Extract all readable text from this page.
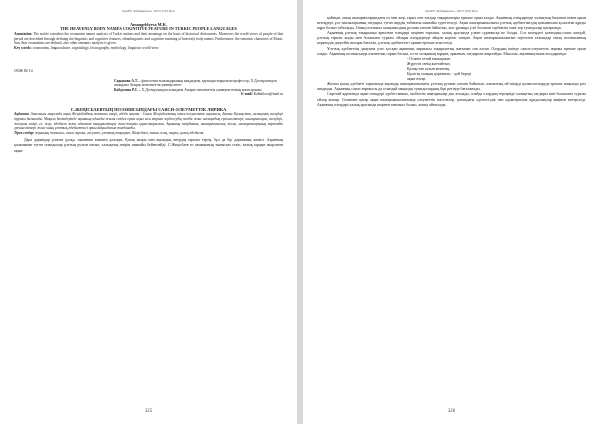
ҚазҰУ Хабаршысы. 2023 (59) бет
Amangeldyeva M.K.
THE HEAVENLY BODY NAMES COGNITIVE FEATURE IN TURKIC PEOPLE LANGUAGES
Annotation. The article considers the cosmonim names analysis of Turkic nations and their meanings on the basis of historical dictionaries. Moreover, the world views of people of that period are described through defining the linguistic and cognitive features, ethnolinguistic and cognitive meaning of heavenly body names. Furthermore, the semantic characters of Moon, Sun, Star cosmonims are defined, also other semantic analysis is given.
Key words: cosmonims, linguoculture, cognitology, lexicography, mythology, linguistic world view.
ӘОЖ 82-14
Садыкова А.Т. – филология ғылымдарының кандидаты, қауымдастырылған профессор, Х.Досмұхамедов атындағы Атырау мемлекеттік университеті
Кабдолова Р.С. – Х.Досмұхамедов атындағы Атырау мемлекеттік университетінің магистранты
E-mail: Kabdolova@mail.ru
С.ЖЕҢІСБАЕВТЫҢ ПОЭЗИЯСЫНДАҒЫ САЯСИ-ӘЛЕУМЕТТІК ЛИРИКА
Аңдатпа. Аталмыш мақалада ақын Жеңісбайдың поэзиясы өнері, әдеби ағымы - Саяси Жеңісбаевтың саяси-әлеуметтік лирикасы, Батыс-Қазақстан, халықтық өлеңдері туралы бағынады. Мақала бөлімдерінде ақынның адамды жылы сөзбен еркін ақыл мен тарихи зерделеудің тілдік және мазмұндық ерекшеліктері, шығармалары, өлеңдері, жазушы өмірі, ел, жер, әдебиет және адамзат тақырыптары жан-жақты қарастырылған. Ақынның өмірбаяны, шығармашылық жолы, шығармаларының көркемдік ерекшеліктері және оның ұлттық әдебиеттегі орны айқындалып талданады.
Тірек сөздер: ақынның поэзиясы, саяси лирика, әлеумет, ұлттық тақырып, Жеңісбаев, заман, өлең, тарих, қазақ әдебиеті.

Дара дарындар ұлтпен ұлтқа, заманнан заманға ұласқан, Қазақ жыры мен ақындық өнердің тарихы терең, бұл да бір дарынның жемісі. Ақынның қаламынан туған туындылар ұлттың рухын оятып, халықтың өмірін шынайы бейнелейді. С.Жеңісбаев өз заманының тынысын сезіп, халық мұңын жырлаған ақын.

325
ҚазҰУ Хабаршысы. 2023 (59) бет

қайтқан, оның шығармаларындағы ел мен жер, тарих пен тағдыр тақырыптары ерекше орын алады. Ақынның өлеңдерінде халықтың басынан өткен қиын кезеңдері, ұлт зиялыларының тағдыры, туған жердің табиғаты шынайы суреттеледі. Ақын шығармашылығы ұлттық әдебиетіміздің қазынасына қосылған құнды мұра болып табылады. Оның поэзиясы халқымыздың рухани әлемін байытып, жас ұрпаққа үлгі болатын тәрбиелік мәні зор туындылар қатарында.

Ақынның ұлттық тақырыпқа арналған өлеңдері кеңінен таралып, халық арасында үлкен сұранысқа ие болды. Сол кезеңдегі қоғамдық-саяси жағдай, ұлттың тарихи жады мен болашағы туралы ойлары өлеңдерінде айқын көрініс тапқан. Ақын шығармашылығын зерттеген ғалымдар оның поэзиясының көркемдік деңгейін жоғары бағалап, ұлттық әдебиеттегі орнын ерекше атап өтеді.

Ұлттық әдебиеттің дамуына үлес қосқан ақынның лирикасы тақырыптық жағынан сан алуан. Олардың ішінде саяси-әлеуметтік лирика ерекше орын алады. Ақынның поэзиясында азаматтық сарын басым, ол өз халқының мұңын, арманын, тағдырын жырлайды. Мысалы, ақынның мына жолдарында:

- Отанға оттай ғашықпын,

Жүрегін сенің жаттайтын,

Қазақстан алтын мекенің,

Бірлігің халқың қорғанып, - дей береді

ақын өлеңі.

Жалпы қазақ әдебиеті тарихында ақындар шығармашылығы ұлттың рухани әлемін байытып, азаматтық ой-пікірді қалыптастыруда ерекше маңызды рөл атқарады. Ақынның саяси лирикасы да осындай маңызды туындылардың бірі ретінде бағаланады.

Сырттай қарағанда ақын өлеңдері әдеби-сыншы, шабытты шығармалар деп аталады, алайда олардың тереңінде халықтың тағдыры мен болашағы туралы ойлар жатыр. Сонымен қатар ақын шығармашылығында әлеуметтік мәселелер, қоғамдағы әділетсіздік пен адамгершілік құндылықтар кеңінен көтеріледі. Ақынның өлеңдері халық арасында кеңінен танымал болып, жатқа айтылады.

326
